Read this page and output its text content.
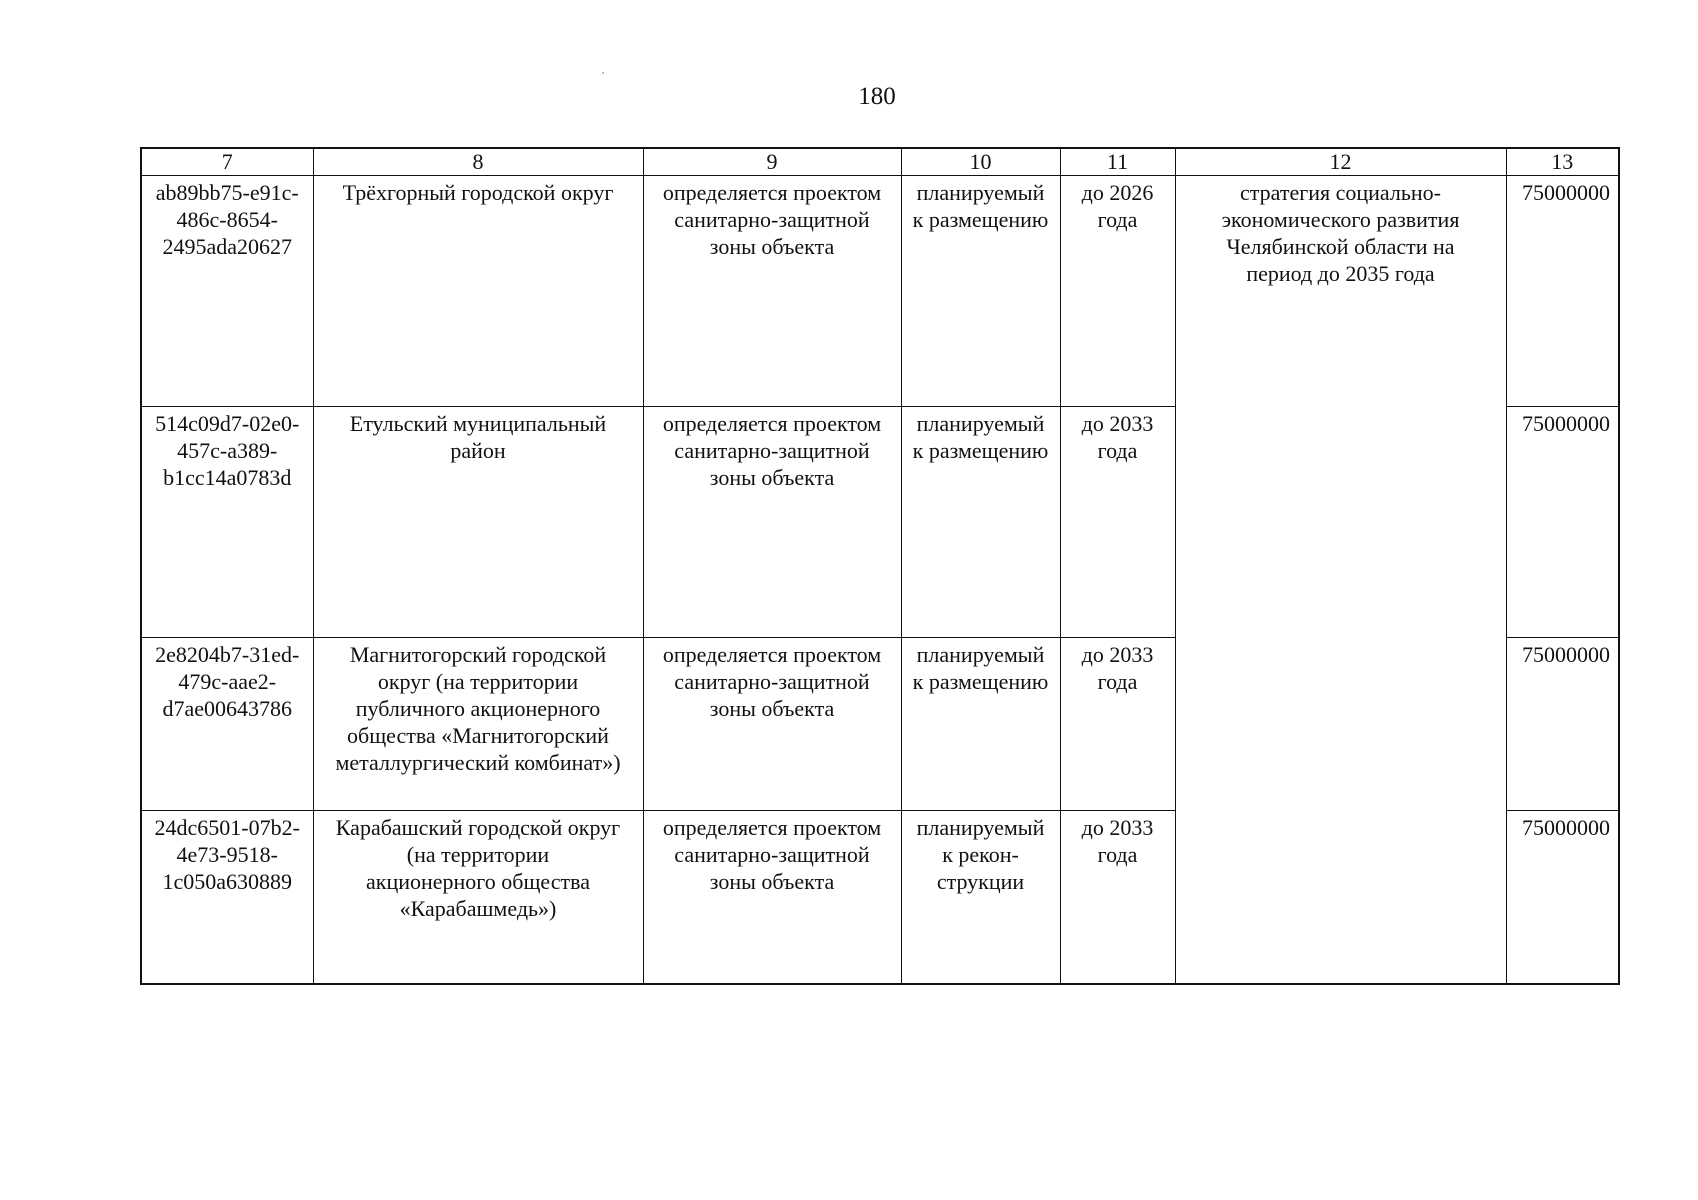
180
7	8	9	10	11	12	13

ab89bb75-e91c-
486c-8654-
2495ada20627	Трёхгорный городской округ	определяется проектом
санитарно-защитной
зоны объекта	планируемый
к размещению	до 2026
года	стратегия социально-
экономического развития
Челябинской области на
период до 2035 года	75000000

514c09d7-02e0-
457c-a389-
b1cc14a0783d	Етульский муниципальный
район	определяется проектом
санитарно-защитной
зоны объекта	планируемый
к размещению	до 2033
года		75000000

2e8204b7-31ed-
479c-aae2-
d7ae00643786	Магнитогорский городской
округ (на территории
публичного акционерного
общества «Магнитогорский
металлургический комбинат»)	определяется проектом
санитарно-защитной
зоны объекта	планируемый
к размещению	до 2033
года		75000000

24dc6501-07b2-
4e73-9518-
1c050a630889	Карабашский городской округ
(на территории
акционерного общества
«Карабашмедь»)	определяется проектом
санитарно-защитной
зоны объекта	планируемый
к рекон-
струкции	до 2033
года		75000000
